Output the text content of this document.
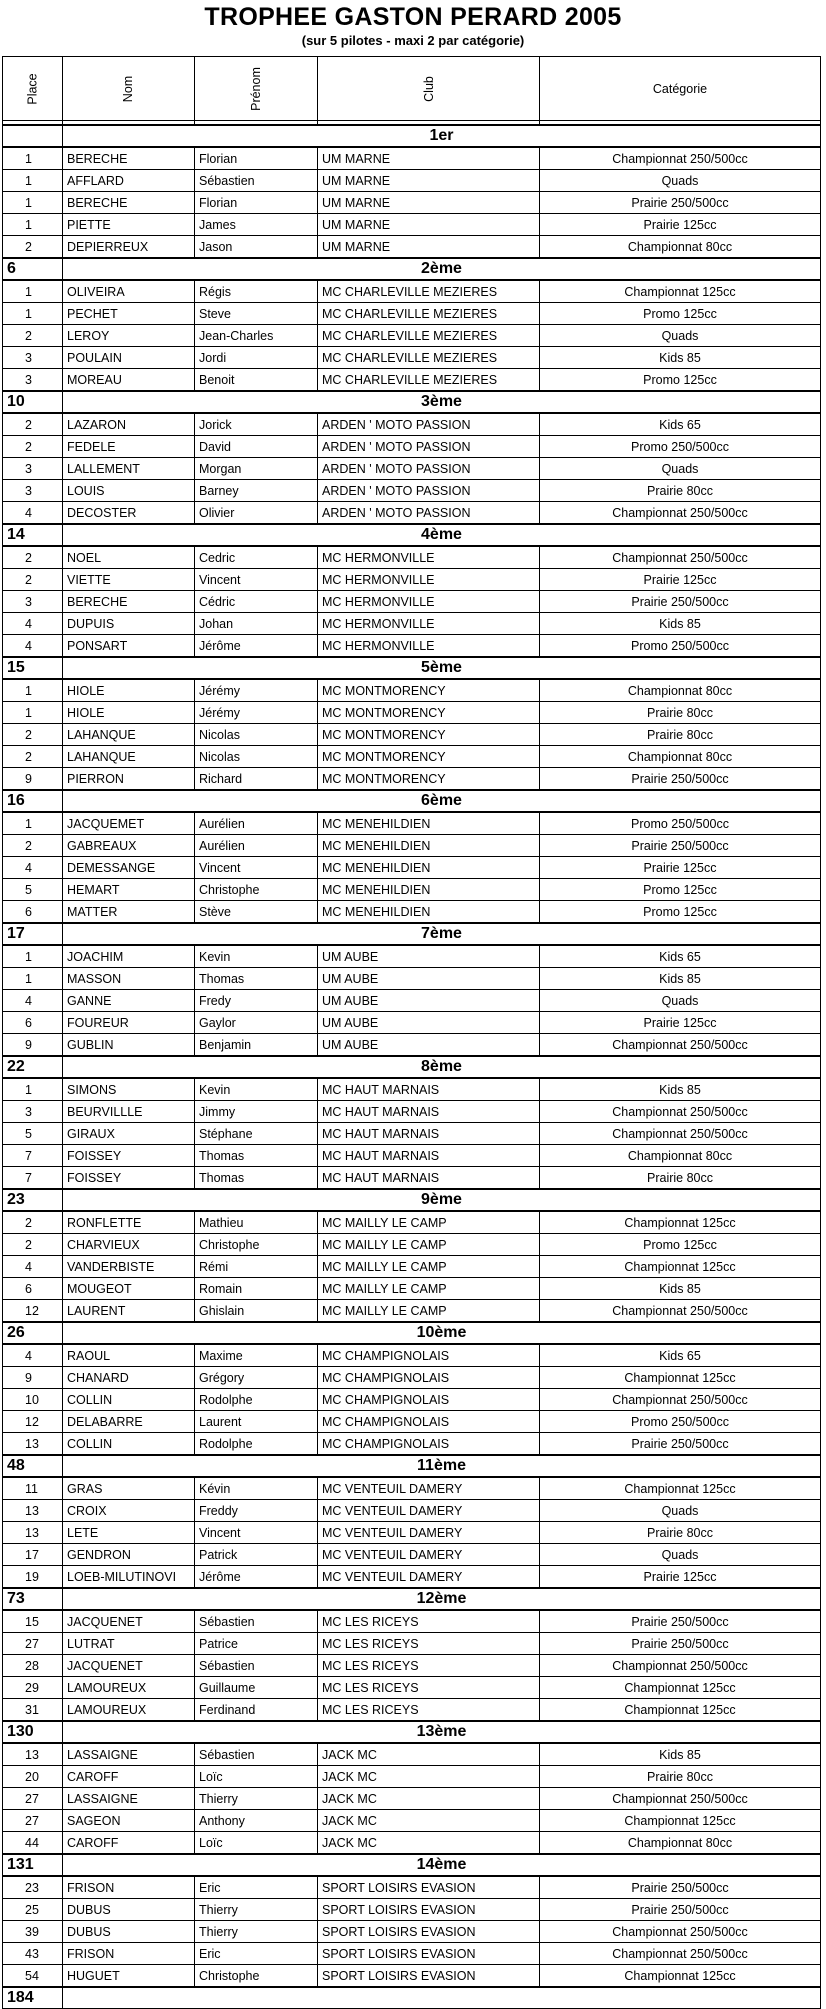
TROPHEE GASTON PERARD 2005
(sur 5 pilotes - maxi 2 par catégorie)
Place	Nom	Prénom	Club	Catégorie

	1er			
1	BERECHE	Florian	UM MARNE	Championnat 250/500cc
1	AFFLARD	Sébastien	UM MARNE	Quads
1	BERECHE	Florian	UM MARNE	Prairie 250/500cc
1	PIETTE	James	UM MARNE	Prairie 125cc
2	DEPIERREUX	Jason	UM MARNE	Championnat 80cc
6	2ème			
1	OLIVEIRA	Régis	MC CHARLEVILLE MEZIERES	Championnat 125cc
1	PECHET	Steve	MC CHARLEVILLE MEZIERES	Promo 125cc
2	LEROY	Jean-Charles	MC CHARLEVILLE MEZIERES	Quads
3	POULAIN	Jordi	MC CHARLEVILLE MEZIERES	Kids 85
3	MOREAU	Benoit	MC CHARLEVILLE MEZIERES	Promo 125cc
10	3ème			
2	LAZARON	Jorick	ARDEN ' MOTO PASSION	Kids 65
2	FEDELE	David	ARDEN ' MOTO PASSION	Promo 250/500cc
3	LALLEMENT	Morgan	ARDEN ' MOTO PASSION	Quads
3	LOUIS	Barney	ARDEN ' MOTO PASSION	Prairie 80cc
4	DECOSTER	Olivier	ARDEN ' MOTO PASSION	Championnat 250/500cc
14	4ème			
2	NOEL	Cedric	MC HERMONVILLE	Championnat 250/500cc
2	VIETTE	Vincent	MC HERMONVILLE	Prairie 125cc
3	BERECHE	Cédric	MC HERMONVILLE	Prairie 250/500cc
4	DUPUIS	Johan	MC HERMONVILLE	Kids 85
4	PONSART	Jérôme	MC HERMONVILLE	Promo 250/500cc
15	5ème			
1	HIOLE	Jérémy	MC MONTMORENCY	Championnat 80cc
1	HIOLE	Jérémy	MC MONTMORENCY	Prairie 80cc
2	LAHANQUE	Nicolas	MC MONTMORENCY	Prairie 80cc
2	LAHANQUE	Nicolas	MC MONTMORENCY	Championnat 80cc
9	PIERRON	Richard	MC MONTMORENCY	Prairie 250/500cc
16	6ème			
1	JACQUEMET	Aurélien	MC MENEHILDIEN	Promo 250/500cc
2	GABREAUX	Aurélien	MC MENEHILDIEN	Prairie 250/500cc
4	DEMESSANGE	Vincent	MC MENEHILDIEN	Prairie 125cc
5	HEMART	Christophe	MC MENEHILDIEN	Promo 125cc
6	MATTER	Stève	MC MENEHILDIEN	Promo 125cc
17	7ème			
1	JOACHIM	Kevin	UM AUBE	Kids 65
1	MASSON	Thomas	UM AUBE	Kids 85
4	GANNE	Fredy	UM AUBE	Quads
6	FOUREUR	Gaylor	UM AUBE	Prairie 125cc
9	GUBLIN	Benjamin	UM AUBE	Championnat 250/500cc
22	8ème			
1	SIMONS	Kevin	MC HAUT MARNAIS	Kids 85
3	BEURVILLLE	Jimmy	MC HAUT MARNAIS	Championnat 250/500cc
5	GIRAUX	Stéphane	MC HAUT MARNAIS	Championnat 250/500cc
7	FOISSEY	Thomas	MC HAUT MARNAIS	Championnat 80cc
7	FOISSEY	Thomas	MC HAUT MARNAIS	Prairie 80cc
23	9ème			
2	RONFLETTE	Mathieu	MC MAILLY LE CAMP	Championnat 125cc
2	CHARVIEUX	Christophe	MC MAILLY LE CAMP	Promo 125cc
4	VANDERBISTE	Rémi	MC MAILLY LE CAMP	Championnat 125cc
6	MOUGEOT	Romain	MC MAILLY LE CAMP	Kids 85
12	LAURENT	Ghislain	MC MAILLY LE CAMP	Championnat 250/500cc
26	10ème			
4	RAOUL	Maxime	MC CHAMPIGNOLAIS	Kids 65
9	CHANARD	Grégory	MC CHAMPIGNOLAIS	Championnat 125cc
10	COLLIN	Rodolphe	MC CHAMPIGNOLAIS	Championnat 250/500cc
12	DELABARRE	Laurent	MC CHAMPIGNOLAIS	Promo 250/500cc
13	COLLIN	Rodolphe	MC CHAMPIGNOLAIS	Prairie 250/500cc
48	11ème			
11	GRAS	Kévin	MC VENTEUIL DAMERY	Championnat 125cc
13	CROIX	Freddy	MC VENTEUIL DAMERY	Quads
13	LETE	Vincent	MC VENTEUIL DAMERY	Prairie 80cc
17	GENDRON	Patrick	MC VENTEUIL DAMERY	Quads
19	LOEB-MILUTINOVI	Jérôme	MC VENTEUIL DAMERY	Prairie 125cc
73	12ème			
15	JACQUENET	Sébastien	MC LES RICEYS	Prairie 250/500cc
27	LUTRAT	Patrice	MC LES RICEYS	Prairie 250/500cc
28	JACQUENET	Sébastien	MC LES RICEYS	Championnat 250/500cc
29	LAMOUREUX	Guillaume	MC LES RICEYS	Championnat 125cc
31	LAMOUREUX	Ferdinand	MC LES RICEYS	Championnat 125cc
130	13ème			
13	LASSAIGNE	Sébastien	JACK MC	Kids 85
20	CAROFF	Loïc	JACK MC	Prairie 80cc
27	LASSAIGNE	Thierry	JACK MC	Championnat 250/500cc
27	SAGEON	Anthony	JACK MC	Championnat 125cc
44	CAROFF	Loïc	JACK MC	Championnat 80cc
131	14ème			
23	FRISON	Eric	SPORT LOISIRS EVASION	Prairie 250/500cc
25	DUBUS	Thierry	SPORT LOISIRS EVASION	Prairie 250/500cc
39	DUBUS	Thierry	SPORT LOISIRS EVASION	Championnat 250/500cc
43	FRISON	Eric	SPORT LOISIRS EVASION	Championnat 250/500cc
54	HUGUET	Christophe	SPORT LOISIRS EVASION	Championnat 125cc
184				
